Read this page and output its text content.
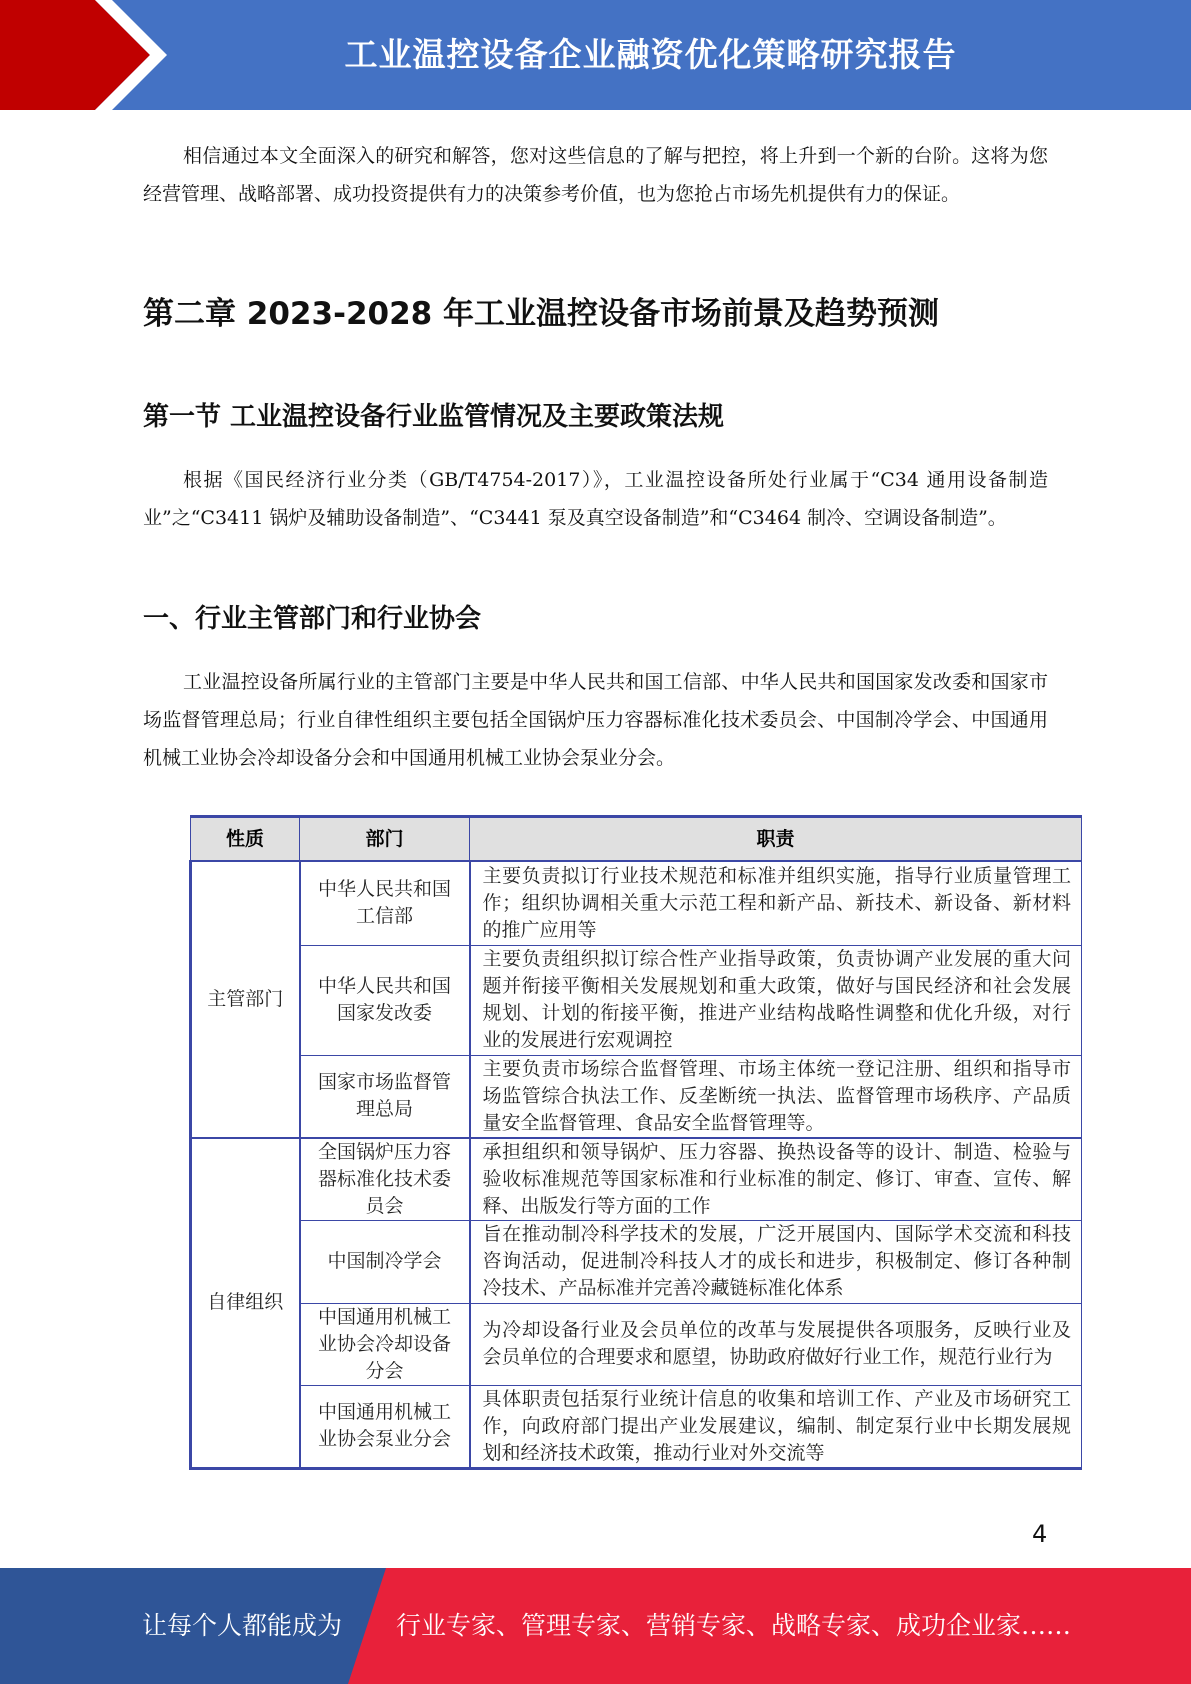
工业温控设备企业融资优化策略研究报告

相信通过本文全面深入的研究和解答，您对这些信息的了解与把控，将上升到一个新的台阶。这将为您经营管理、战略部署、成功投资提供有力的决策参考价值，也为您抢占市场先机提供有力的保证。

第二章 2023-2028 年工业温控设备市场前景及趋势预测
第一节 工业温控设备行业监管情况及主要政策法规

根据《国民经济行业分类（GB/T4754-2017）》，工业温控设备所处行业属于“C34 通用设备制造业”之“C3411 锅炉及辅助设备制造”、“C3441 泵及真空设备制造”和“C3464 制冷、空调设备制造”。

一、行业主管部门和行业协会

工业温控设备所属行业的主管部门主要是中华人民共和国工信部、中华人民共和国国家发改委和国家市场监督管理总局；行业自律性组织主要包括全国锅炉压力容器标准化技术委员会、中国制冷学会、中国通用机械工业协会冷却设备分会和中国通用机械工业协会泵业分会。

性质	部门	职责
主管部门	中华人民共和国工信部	主要负责拟订行业技术规范和标准并组织实施，指导行业质量管理工作；组织协调相关重大示范工程和新产品、新技术、新设备、新材料的推广应用等
	中华人民共和国国家发改委	主要负责组织拟订综合性产业指导政策，负责协调产业发展的重大问题并衔接平衡相关发展规划和重大政策，做好与国民经济和社会发展规划、计划的衔接平衡，推进产业结构战略性调整和优化升级，对行业的发展进行宏观调控
	国家市场监督管理总局	主要负责市场综合监督管理、市场主体统一登记注册、组织和指导市场监管综合执法工作、反垄断统一执法、监督管理市场秩序、产品质量安全监督管理、食品安全监督管理等。
自律组织	全国锅炉压力容器标准化技术委员会	承担组织和领导锅炉、压力容器、换热设备等的设计、制造、检验与验收标准规范等国家标准和行业标准的制定、修订、审查、宣传、解释、出版发行等方面的工作
	中国制冷学会	旨在推动制冷科学技术的发展，广泛开展国内、国际学术交流和科技咨询活动，促进制冷科技人才的成长和进步，积极制定、修订各种制冷技术、产品标准并完善冷藏链标准化体系
	中国通用机械工业协会冷却设备分会	为冷却设备行业及会员单位的改革与发展提供各项服务，反映行业及会员单位的合理要求和愿望，协助政府做好行业工作，规范行业行为
	中国通用机械工业协会泵业分会	具体职责包括泵行业统计信息的收集和培训工作、产业及市场研究工作，向政府部门提出产业发展建议，编制、制定泵行业中长期发展规划和经济技术政策，推动行业对外交流等
4
让每个人都能成为 行业专家、管理专家、营销专家、战略专家、成功企业家……
